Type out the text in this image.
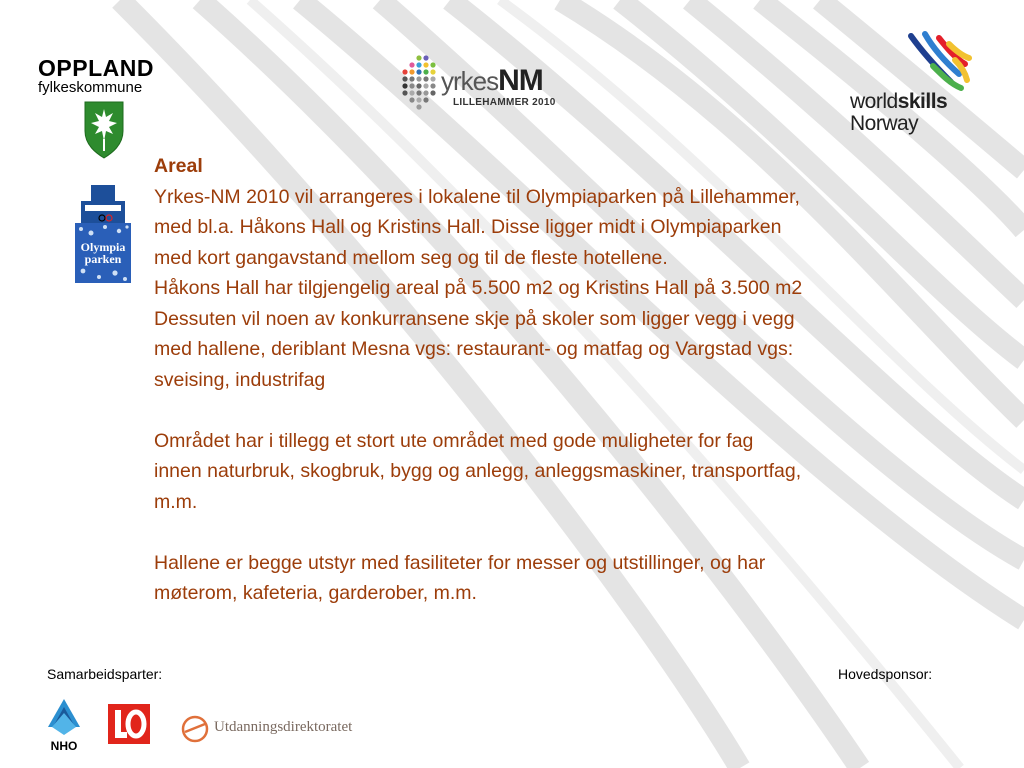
OPPLAND
fylkeskommune	yrkesNM
LILLEHAMMER 2010	worldskills
Norway
Olympia
parken

Areal

Yrkes-NM 2010 vil arrangeres i lokalene til Olympiaparken på Lillehammer,

med bl.a. Håkons Hall og Kristins Hall. Disse ligger midt i Olympiaparken

med kort gangavstand mellom seg og til de fleste hotellene.

Håkons Hall har tilgjengelig areal på 5.500 m2 og Kristins Hall på 3.500 m2

Dessuten vil noen av konkurransene skje på skoler som ligger vegg i vegg

med hallene, deriblant Mesna vgs: restaurant- og matfag og Vargstad vgs:

sveising, industrifag

Området har i tillegg et stort ute området med gode muligheter for fag

innen naturbruk, skogbruk, bygg og anlegg, anleggsmaskiner, transportfag,

m.m.

Hallene er begge utstyr med fasiliteter for messer og utstillinger, og har

møterom, kafeteria, garderober, m.m.

Samarbeidsparter:	Hovedsponsor:
NHO
Utdanningsdirektoratet
